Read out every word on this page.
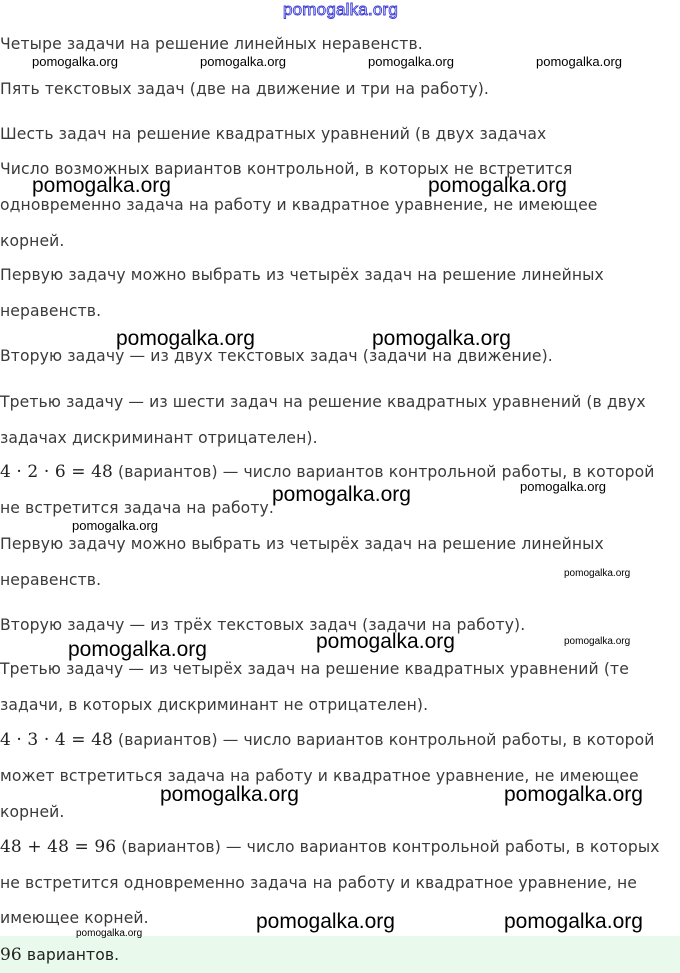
pomogalka.org
Четыре задачи на решение линейных неравенств.
Пять текстовых задач (две на движение и три на работу).
Шесть задач на решение квадратных уравнений (в двух задачах
Число возможных вариантов контрольной, в которых не встретится
одновременно задача на работу и квадратное уравнение, не имеющее
корней.
Первую задачу можно выбрать из четырёх задач на решение линейных
неравенств.
Вторую задачу — из двух текстовых задач (задачи на движение).
Третью задачу — из шести задач на решение квадратных уравнений (в двух
задачах дискриминант отрицателен).
4 · 2 · 6 = 48 (вариантов) — число вариантов контрольной работы, в которой
не встретится задача на работу.
Первую задачу можно выбрать из четырёх задач на решение линейных
неравенств.
Вторую задачу — из трёх текстовых задач (задачи на работу).
Третью задачу — из четырёх задач на решение квадратных уравнений (те
задачи, в которых дискриминант не отрицателен).
4 · 3 · 4 = 48 (вариантов) — число вариантов контрольной работы, в которой
может встретиться задача на работу и квадратное уравнение, не имеющее
корней.
48 + 48 = 96 (вариантов) — число вариантов контрольной работы, в которых
не встретится одновременно задача на работу и квадратное уравнение, не
имеющее корней.
96 вариантов.
pomogalka.org	pomogalka.org	pomogalka.org	pomogalka.org
pomogalka.org	pomogalka.org
pomogalka.org	pomogalka.org
pomogalka.org
pomogalka.org
pomogalka.org
pomogalka.org
pomogalka.org	pomogalka.org
pomogalka.org
pomogalka.org	pomogalka.org
pomogalka.org	pomogalka.org
pomogalka.org
